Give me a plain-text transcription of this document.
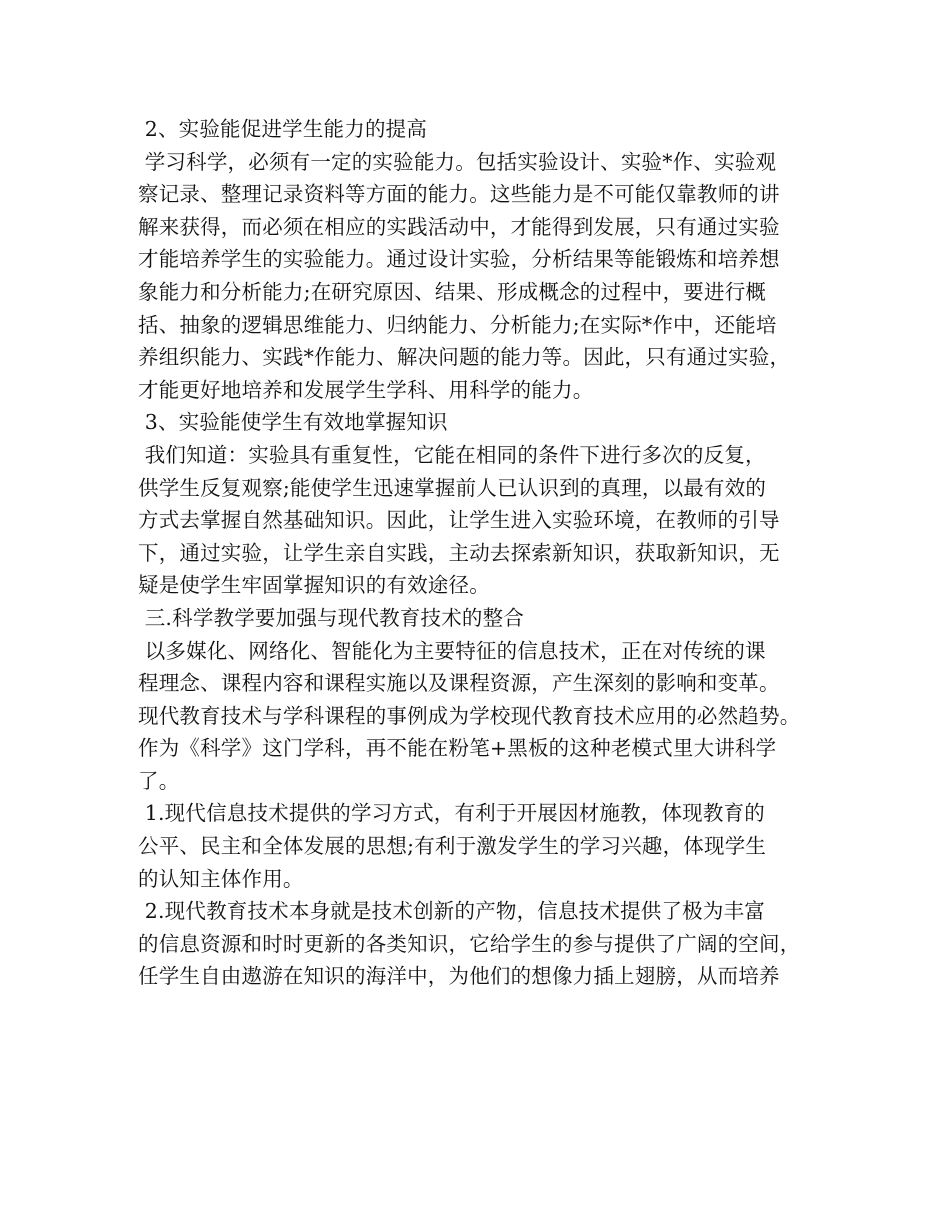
2、实验能促进学生能力的提高
学习科学，必须有一定的实验能力。包括实验设计、实验*作、实验观
察记录、整理记录资料等方面的能力。这些能力是不可能仅靠教师的讲
解来获得，而必须在相应的实践活动中，才能得到发展，只有通过实验
才能培养学生的实验能力。通过设计实验，分析结果等能锻炼和培养想
象能力和分析能力;在研究原因、结果、形成概念的过程中，要进行概
括、抽象的逻辑思维能力、归纳能力、分析能力;在实际*作中，还能培
养组织能力、实践*作能力、解决问题的能力等。因此，只有通过实验，
才能更好地培养和发展学生学科、用科学的能力。
3、实验能使学生有效地掌握知识
我们知道：实验具有重复性，它能在相同的条件下进行多次的反复，
供学生反复观察;能使学生迅速掌握前人已认识到的真理，以最有效的
方式去掌握自然基础知识。因此，让学生进入实验环境，在教师的引导
下，通过实验，让学生亲自实践，主动去探索新知识，获取新知识，无
疑是使学生牢固掌握知识的有效途径。
三.科学教学要加强与现代教育技术的整合
以多媒化、网络化、智能化为主要特征的信息技术，正在对传统的课
程理念、课程内容和课程实施以及课程资源，产生深刻的影响和变革。
现代教育技术与学科课程的事例成为学校现代教育技术应用的必然趋势。
作为《科学》这门学科，再不能在粉笔+黑板的这种老模式里大讲科学
了。
1.现代信息技术提供的学习方式，有利于开展因材施教，体现教育的
公平、民主和全体发展的思想;有利于激发学生的学习兴趣，体现学生
的认知主体作用。
2.现代教育技术本身就是技术创新的产物，信息技术提供了极为丰富
的信息资源和时时更新的各类知识，它给学生的参与提供了广阔的空间，
任学生自由遨游在知识的海洋中，为他们的想像力插上翅膀，从而培养
